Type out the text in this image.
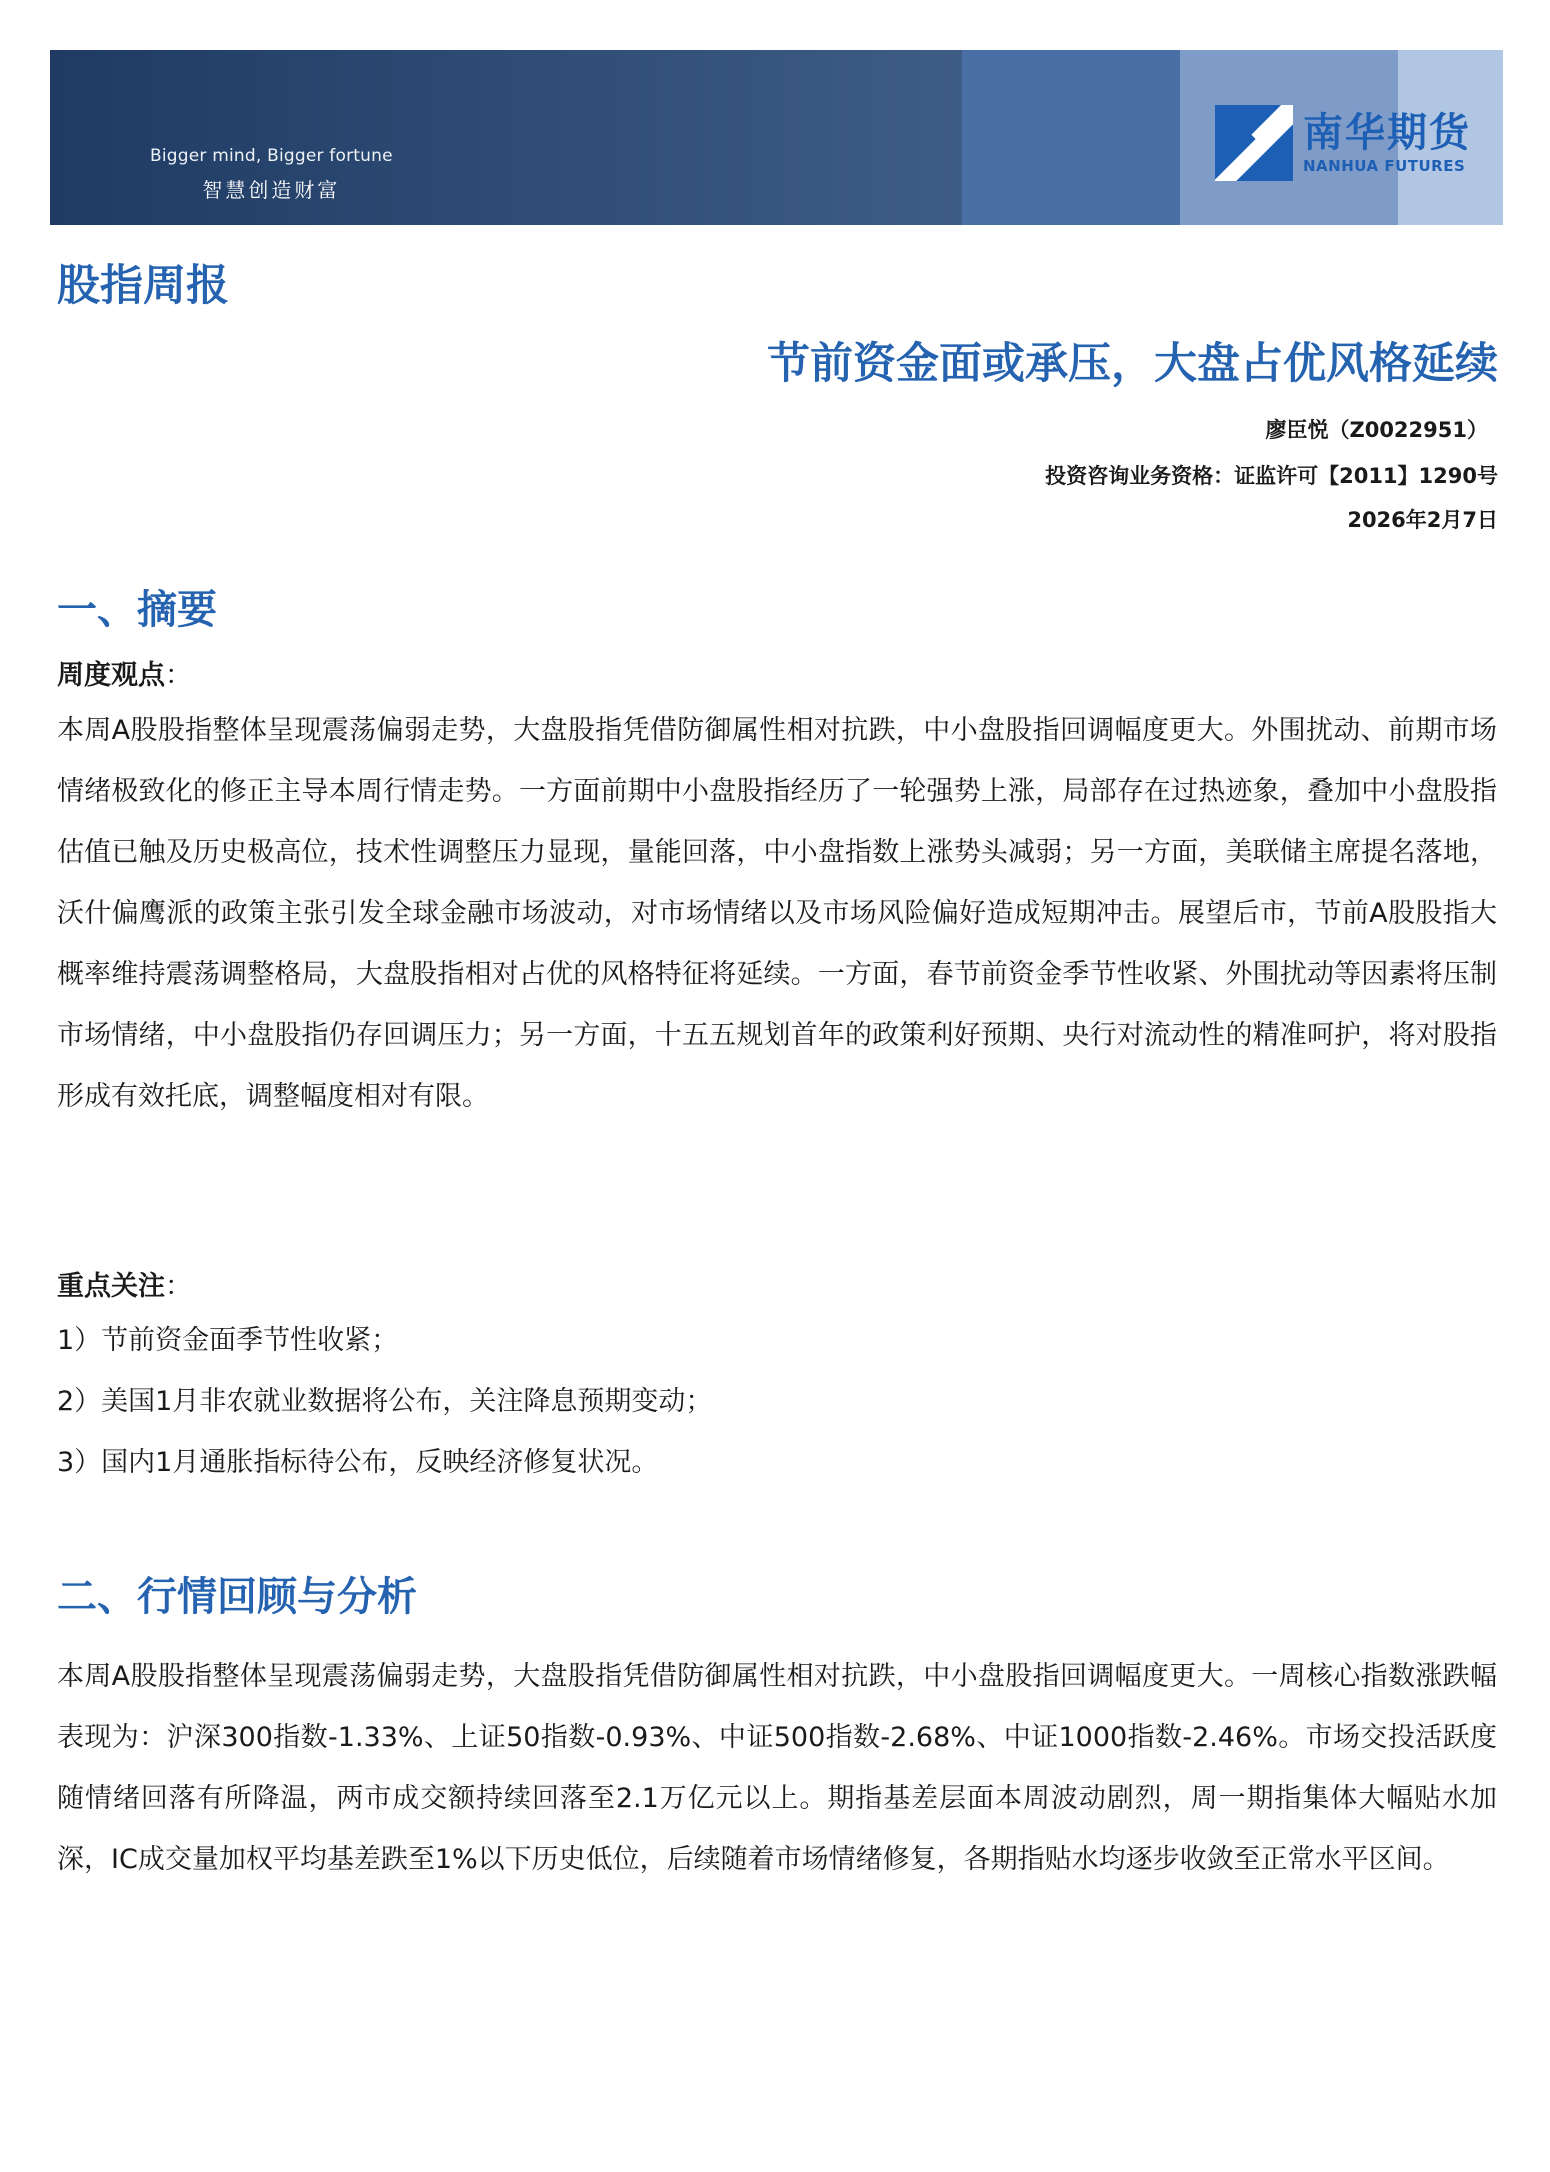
Bigger mind, Bigger fortune
智慧创造财富
南华期货
NANHUA FUTURES
股指周报
节前资金面或承压，大盘占优风格延续
廖臣悦（Z0022951）
投资咨询业务资格：证监许可【2011】1290号
2026年2月7日
一、摘要
周度观点：
本周A股股指整体呈现震荡偏弱走势，大盘股指凭借防御属性相对抗跌，中小盘股指回调幅度更大。外围扰动、前期市场情绪极致化的修正主导本周行情走势。一方面前期中小盘股指经历了一轮强势上涨，局部存在过热迹象，叠加中小盘股指估值已触及历史极高位，技术性调整压力显现，量能回落，中小盘指数上涨势头减弱；另一方面，美联储主席提名落地，沃什偏鹰派的政策主张引发全球金融市场波动，对市场情绪以及市场风险偏好造成短期冲击。展望后市，节前A股股指大概率维持震荡调整格局，大盘股指相对占优的风格特征将延续。一方面，春节前资金季节性收紧、外围扰动等因素将压制市场情绪，中小盘股指仍存回调压力；另一方面，十五五规划首年的政策利好预期、央行对流动性的精准呵护，将对股指形成有效托底，调整幅度相对有限。
重点关注：
1）节前资金面季节性收紧；
2）美国1月非农就业数据将公布，关注降息预期变动；
3）国内1月通胀指标待公布，反映经济修复状况。
二、行情回顾与分析
本周A股股指整体呈现震荡偏弱走势，大盘股指凭借防御属性相对抗跌，中小盘股指回调幅度更大。一周核心指数涨跌幅表现为：沪深300指数-1.33%、上证50指数-0.93%、中证500指数-2.68%、中证1000指数-2.46%。市场交投活跃度随情绪回落有所降温，两市成交额持续回落至2.1万亿元以上。期指基差层面本周波动剧烈，周一期指集体大幅贴水加深，IC成交量加权平均基差跌至1%以下历史低位，后续随着市场情绪修复，各期指贴水均逐步收敛至正常水平区间。
